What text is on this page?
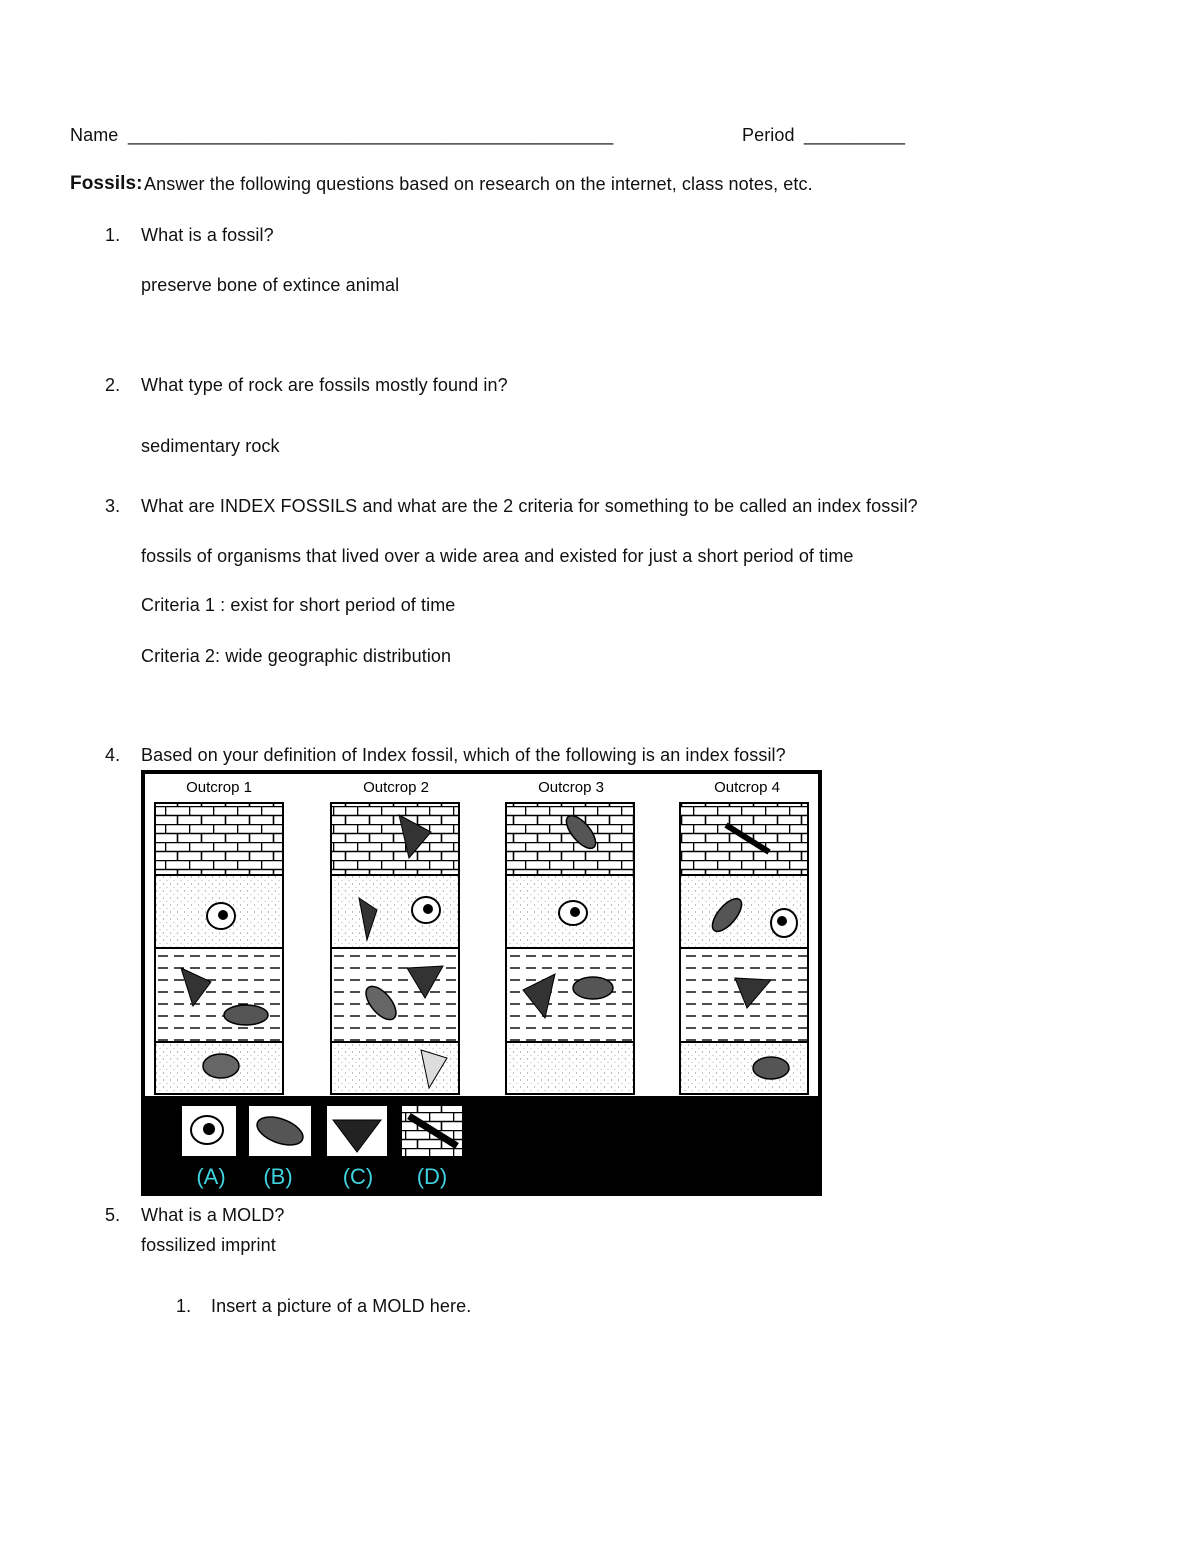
Name ________________________________________________	Period __________
Fossils: Answer the following questions based on research on the internet, class notes, etc.
1. What is a fossil?
preserve bone of extince animal
2. What type of rock are fossils mostly found in?
sedimentary rock
3. What are INDEX FOSSILS and what are the 2 criteria for something to be called an index fossil?
fossils of organisms that lived over a wide area and existed for just a short period of time
Criteria 1 : exist for short period of time
Criteria 2: wide geographic distribution
4. Based on your definition of Index fossil, which of the following is an index fossil?
Outcrop 1	Outcrop 2	Outcrop 3	Outcrop 4
(A) (B) (C) (D)
5. What is a MOLD?
fossilized imprint
1. Insert a picture of a MOLD here.
